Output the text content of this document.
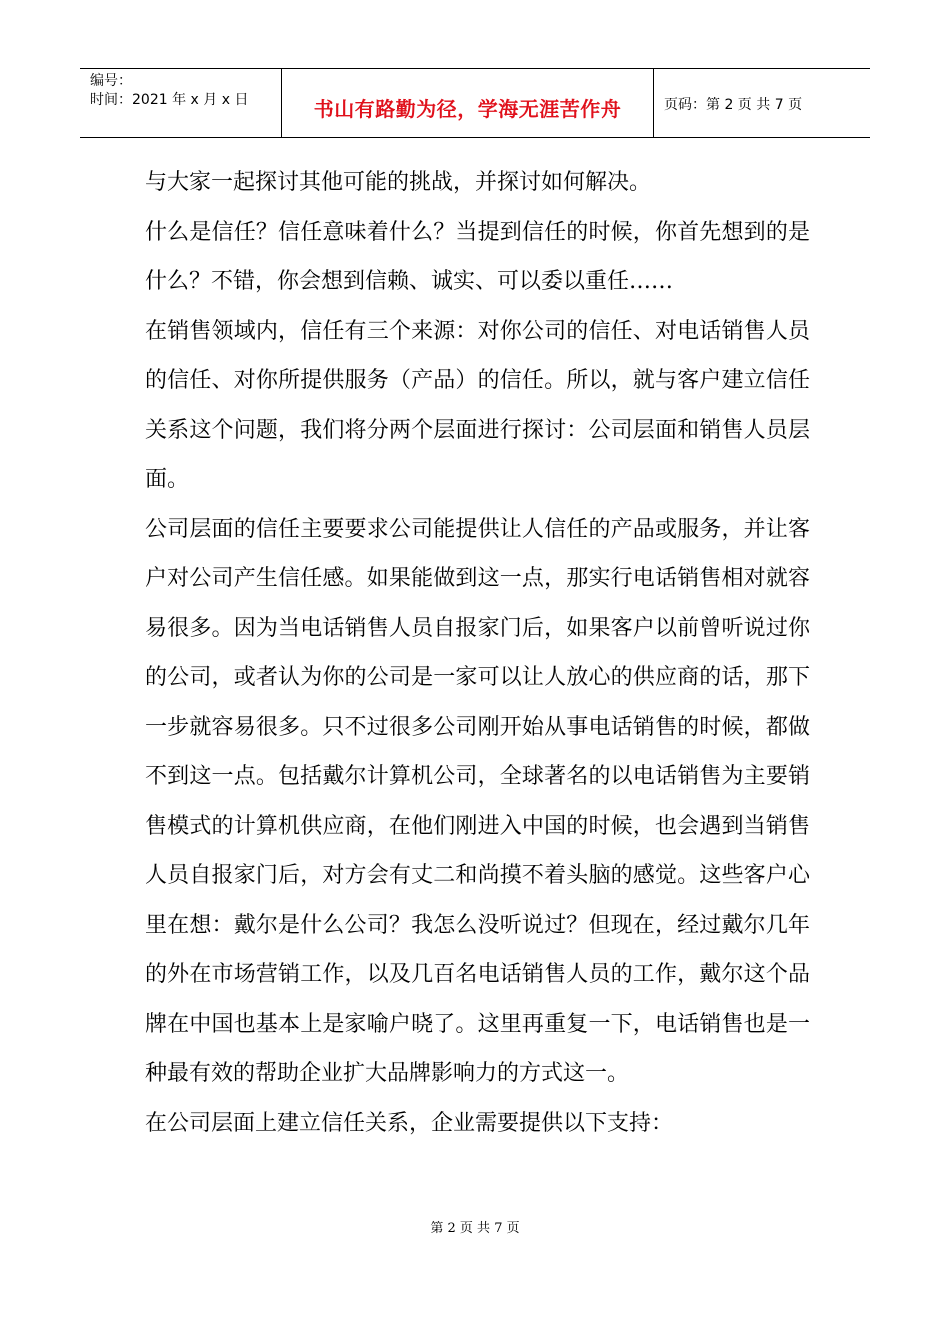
编号：
时间：2021 年 x 月 x 日	书山有路勤为径，学海无涯苦作舟	页码：第 2 页 共 7 页

与大家一起探讨其他可能的挑战，并探讨如何解决。

什么是信任？信任意味着什么？当提到信任的时候，你首先想到的是什么？不错，你会想到信赖、诚实、可以委以重任……

在销售领域内，信任有三个来源：对你公司的信任、对电话销售人员的信任、对你所提供服务（产品）的信任。所以，就与客户建立信任关系这个问题，我们将分两个层面进行探讨：公司层面和销售人员层面。

公司层面的信任主要要求公司能提供让人信任的产品或服务，并让客户对公司产生信任感。如果能做到这一点，那实行电话销售相对就容易很多。因为当电话销售人员自报家门后，如果客户以前曾听说过你的公司，或者认为你的公司是一家可以让人放心的供应商的话，那下一步就容易很多。只不过很多公司刚开始从事电话销售的时候，都做不到这一点。包括戴尔计算机公司，全球著名的以电话销售为主要销售模式的计算机供应商，在他们刚进入中国的时候，也会遇到当销售人员自报家门后，对方会有丈二和尚摸不着头脑的感觉。这些客户心里在想：戴尔是什么公司？我怎么没听说过？但现在，经过戴尔几年的外在市场营销工作，以及几百名电话销售人员的工作，戴尔这个品牌在中国也基本上是家喻户晓了。这里再重复一下，电话销售也是一种最有效的帮助企业扩大品牌影响力的方式这一。

在公司层面上建立信任关系，企业需要提供以下支持：

第 2 页 共 7 页
